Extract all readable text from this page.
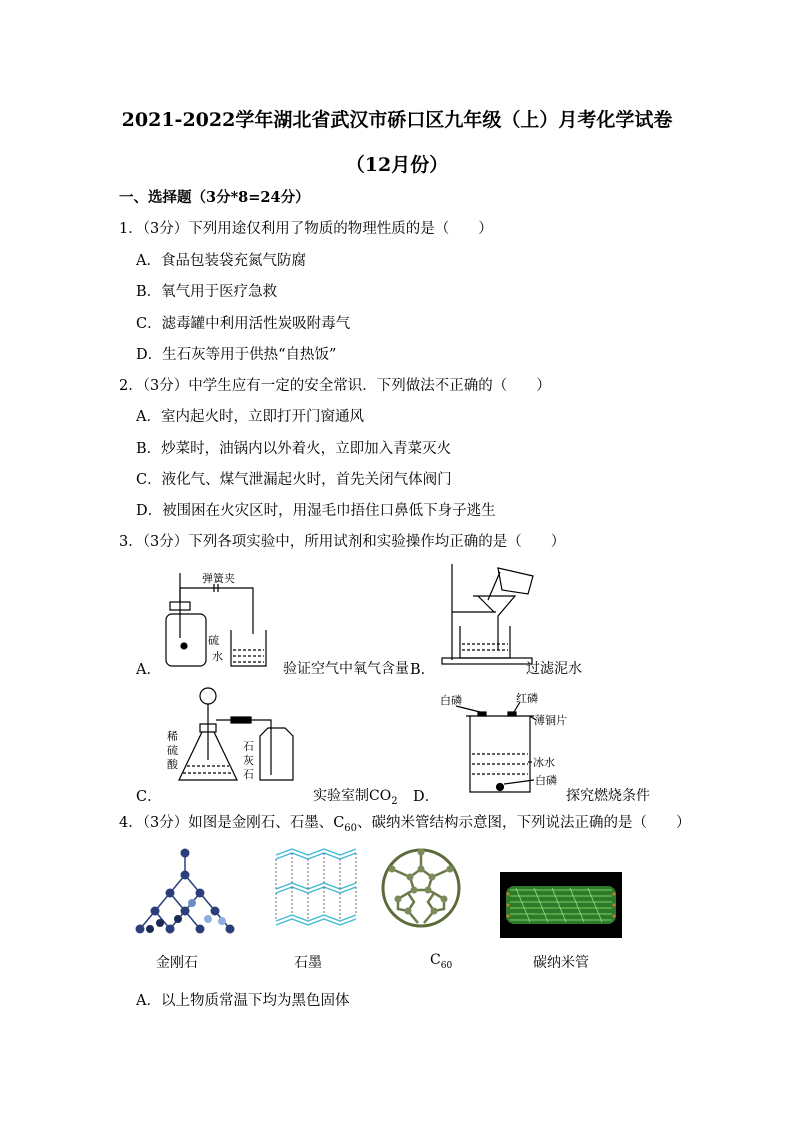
2021-2022学年湖北省武汉市硚口区九年级（上）月考化学试卷
（12月份）
一、选择题（3分*8=24分）
1．（3分）下列用途仅利用了物质的物理性质的是（　　）
A．食品包装袋充氮气防腐
B．氧气用于医疗急救
C．滤毒罐中利用活性炭吸附毒气
D．生石灰等用于供热“自热饭”
2．（3分）中学生应有一定的安全常识．下列做法不正确的（　　）
A．室内起火时，立即打开门窗通风
B．炒菜时，油锅内以外着火，立即加入青菜灭火
C．液化气、煤气泄漏起火时，首先关闭气体阀门
D．被围困在火灾区时，用湿毛巾捂住口鼻低下身子逃生
3．（3分）下列各项实验中，所用试剂和实验操作均正确的是（　　）
A．
弹簧夹
硫
水
验证空气中氧气含量 B．	过滤泥水
C．
稀
硫
酸
石
灰
石
实验室制$CO_2$ D．
白磷	红磷
薄铜片
冰水
白磷
探究燃烧条件
4．（3分）如图是金刚石、石墨、$C_{60}$、碳纳米管结构示意图，下列说法正确的是（　　）
金刚石	石墨	$C_{60}$	碳纳米管
A．以上物质常温下均为黑色固体
